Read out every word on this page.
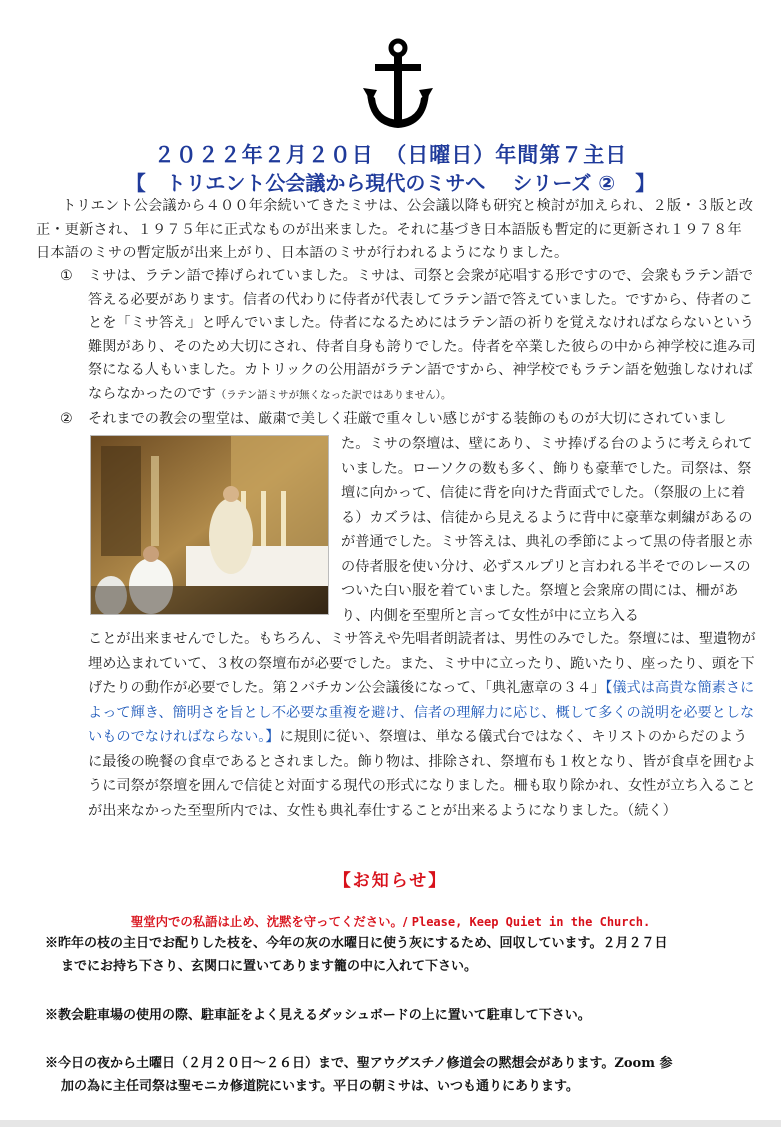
２０２２年２月２０日　（日曜日）年間第７主日
【　トリエント公会議から現代のミサへ　 シリーズ ②　】

トリエント公会議から４００年余続いてきたミサは、公会議以降も研究と検討が加えられ、２版・３版と改正・更新され、１９７５年に正式なものが出来ました。それに基づき日本語版も暫定的に更新され１９７８年日本語のミサの暫定版が出来上がり、日本語のミサが行われるようになりました。

①	ミサは、ラテン語で捧げられていました。ミサは、司祭と会衆が応唱する形ですので、会衆もラテン語で答える必要があります。信者の代わりに侍者が代表してラテン語で答えていました。ですから、侍者のことを「ミサ答え」と呼んでいました。侍者になるためにはラテン語の祈りを覚えなければならないという難関があり、そのため大切にされ、侍者自身も誇りでした。侍者を卒業した彼らの中から神学校に進み司祭になる人もいました。カトリックの公用語がラテン語ですから、神学校でもラテン語を勉強しなければならなかったのです（ラテン語ミサが無くなった訳ではありません）。
②	それまでの教会の聖堂は、厳粛で美しく荘厳で重々しい感じがする装飾のものが大切にされていまし

た。ミサの祭壇は、壁にあり、ミサ捧げる台のように考えられていました。ローソクの数も多く、飾りも豪華でした。司祭は、祭壇に向かって、信徒に背を向けた背面式でした。（祭服の上に着る）カズラは、信徒から見えるように背中に豪華な刺繍があるのが普通でした。ミサ答えは、典礼の季節によって黒の侍者服と赤の侍者服を使い分け、必ずスルプリと言われる半そでのレースのついた白い服を着ていました。祭壇と会衆席の間には、柵があり、内側を至聖所と言って女性が中に立ち入る

ことが出来ませんでした。もちろん、ミサ答えや先唱者朗読者は、男性のみでした。祭壇には、聖遺物が埋め込まれていて、３枚の祭壇布が必要でした。また、ミサ中に立ったり、跪いたり、座ったり、頭を下げたりの動作が必要でした。第２バチカン公会議後になって、「典礼憲章の３４」【儀式は高貴な簡素さによって輝き、簡明さを旨とし不必要な重複を避け、信者の理解力に応じ、概して多くの説明を必要としないものでなければならない。】に規則に従い、祭壇は、単なる儀式台ではなく、キリストのからだのように最後の晩餐の食卓であるとされました。飾り物は、排除され、祭壇布も１枚となり、皆が食卓を囲むように司祭が祭壇を囲んで信徒と対面する現代の形式になりました。柵も取り除かれ、女性が立ち入ることが出来なかった至聖所内では、女性も典礼奉仕することが出来るようになりました。（続く）

【お知らせ】
聖堂内での私語は止め、沈黙を守ってください。/ Please, Keep Quiet in the Church.
※昨年の枝の主日でお配りした枝を、今年の灰の水曜日に使う灰にするため、回収しています。２月２７日
までにお持ち下さり、玄関口に置いてあります籠の中に入れて下さい。
※教会駐車場の使用の際、駐車証をよく見えるダッシュボードの上に置いて駐車して下さい。
※今日の夜から土曜日（２月２０日～２６日）まで、聖アウグスチノ修道会の黙想会があります。Zoom 参
加の為に主任司祭は聖モニカ修道院にいます。平日の朝ミサは、いつも通りにあります。
